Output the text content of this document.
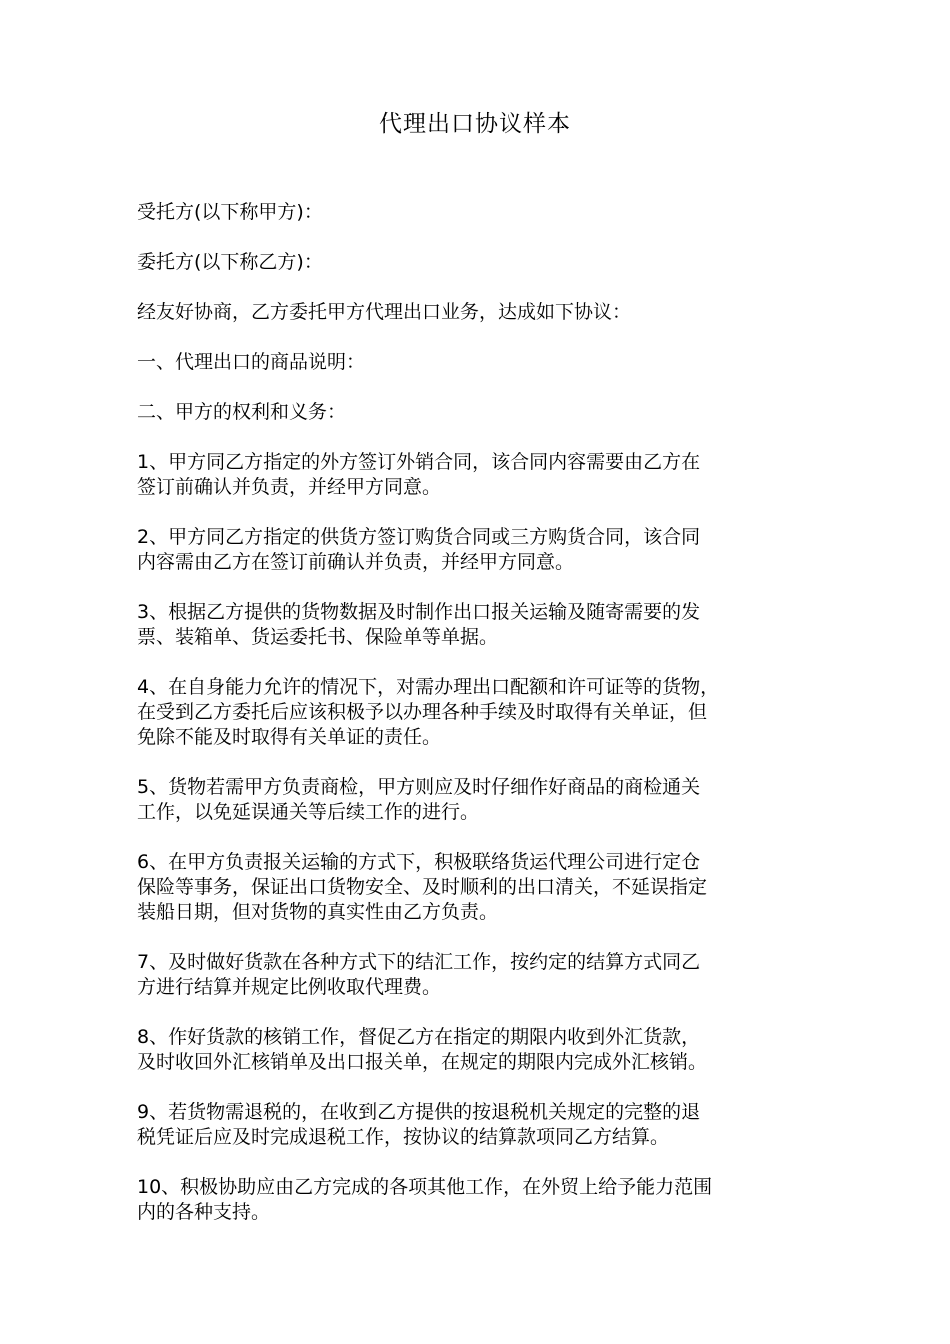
代理出口协议样本

受托方(以下称甲方)：

委托方(以下称乙方)：

经友好协商，乙方委托甲方代理出口业务，达成如下协议：

一、代理出口的商品说明：

二、甲方的权利和义务：

1、甲方同乙方指定的外方签订外销合同，该合同内容需要由乙方在
签订前确认并负责，并经甲方同意。

2、甲方同乙方指定的供货方签订购货合同或三方购货合同，该合同
内容需由乙方在签订前确认并负责，并经甲方同意。

3、根据乙方提供的货物数据及时制作出口报关运输及随寄需要的发
票、装箱单、货运委托书、保险单等单据。

4、在自身能力允许的情况下，对需办理出口配额和许可证等的货物，
在受到乙方委托后应该积极予以办理各种手续及时取得有关单证，但
免除不能及时取得有关单证的责任。

5、货物若需甲方负责商检，甲方则应及时仔细作好商品的商检通关
工作，以免延误通关等后续工作的进行。

6、在甲方负责报关运输的方式下，积极联络货运代理公司进行定仓
保险等事务，保证出口货物安全、及时顺利的出口清关，不延误指定
装船日期，但对货物的真实性由乙方负责。

7、及时做好货款在各种方式下的结汇工作，按约定的结算方式同乙
方进行结算并规定比例收取代理费。

8、作好货款的核销工作，督促乙方在指定的期限内收到外汇货款，
及时收回外汇核销单及出口报关单，在规定的期限内完成外汇核销。

9、若货物需退税的，在收到乙方提供的按退税机关规定的完整的退
税凭证后应及时完成退税工作，按协议的结算款项同乙方结算。

10、积极协助应由乙方完成的各项其他工作，在外贸上给予能力范围
内的各种支持。
